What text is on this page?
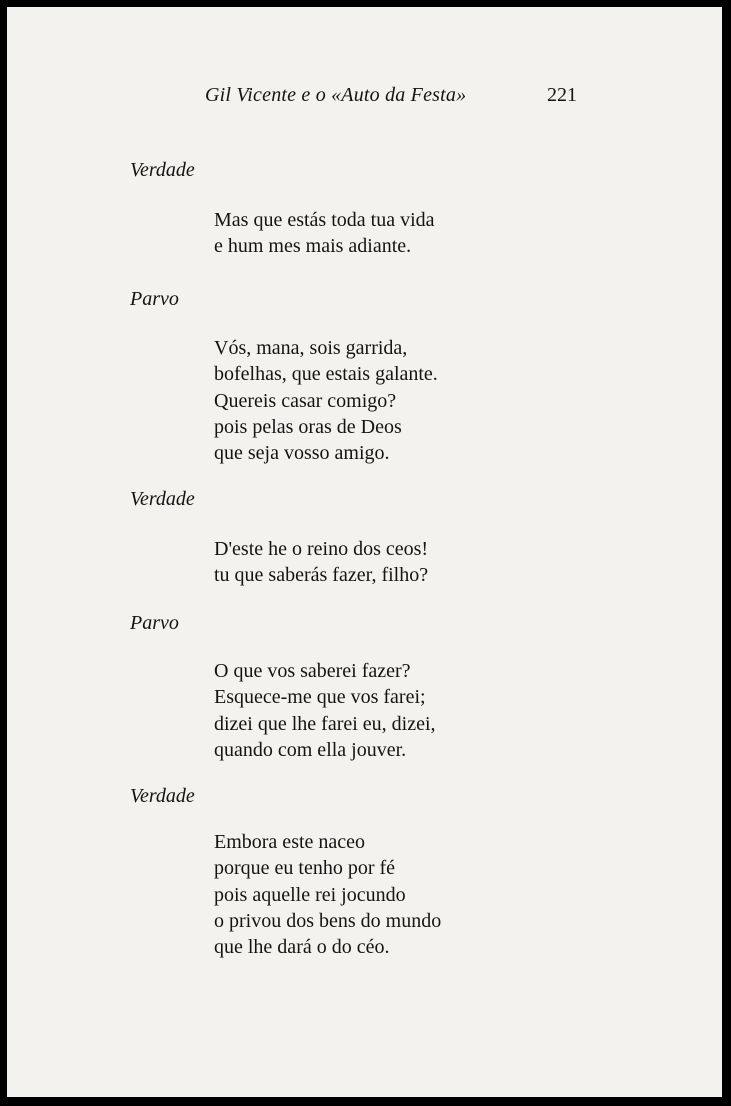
Gil Vicente e o «Auto da Festa»	221
Verdade
Mas que estás toda tua vida
e hum mes mais adiante.
Parvo
Vós, mana, sois garrida,
bofelhas, que estais galante.
Quereis casar comigo?
pois pelas oras de Deos
que seja vosso amigo.
Verdade
D'este he o reino dos ceos!
tu que saberás fazer, filho?
Parvo
O que vos saberei fazer?
Esquece-me que vos farei;
dizei que lhe farei eu, dizei,
quando com ella jouver.
Verdade
Embora este naceo
porque eu tenho por fé
pois aquelle rei jocundo
o privou dos bens do mundo
que lhe dará o do céo.
